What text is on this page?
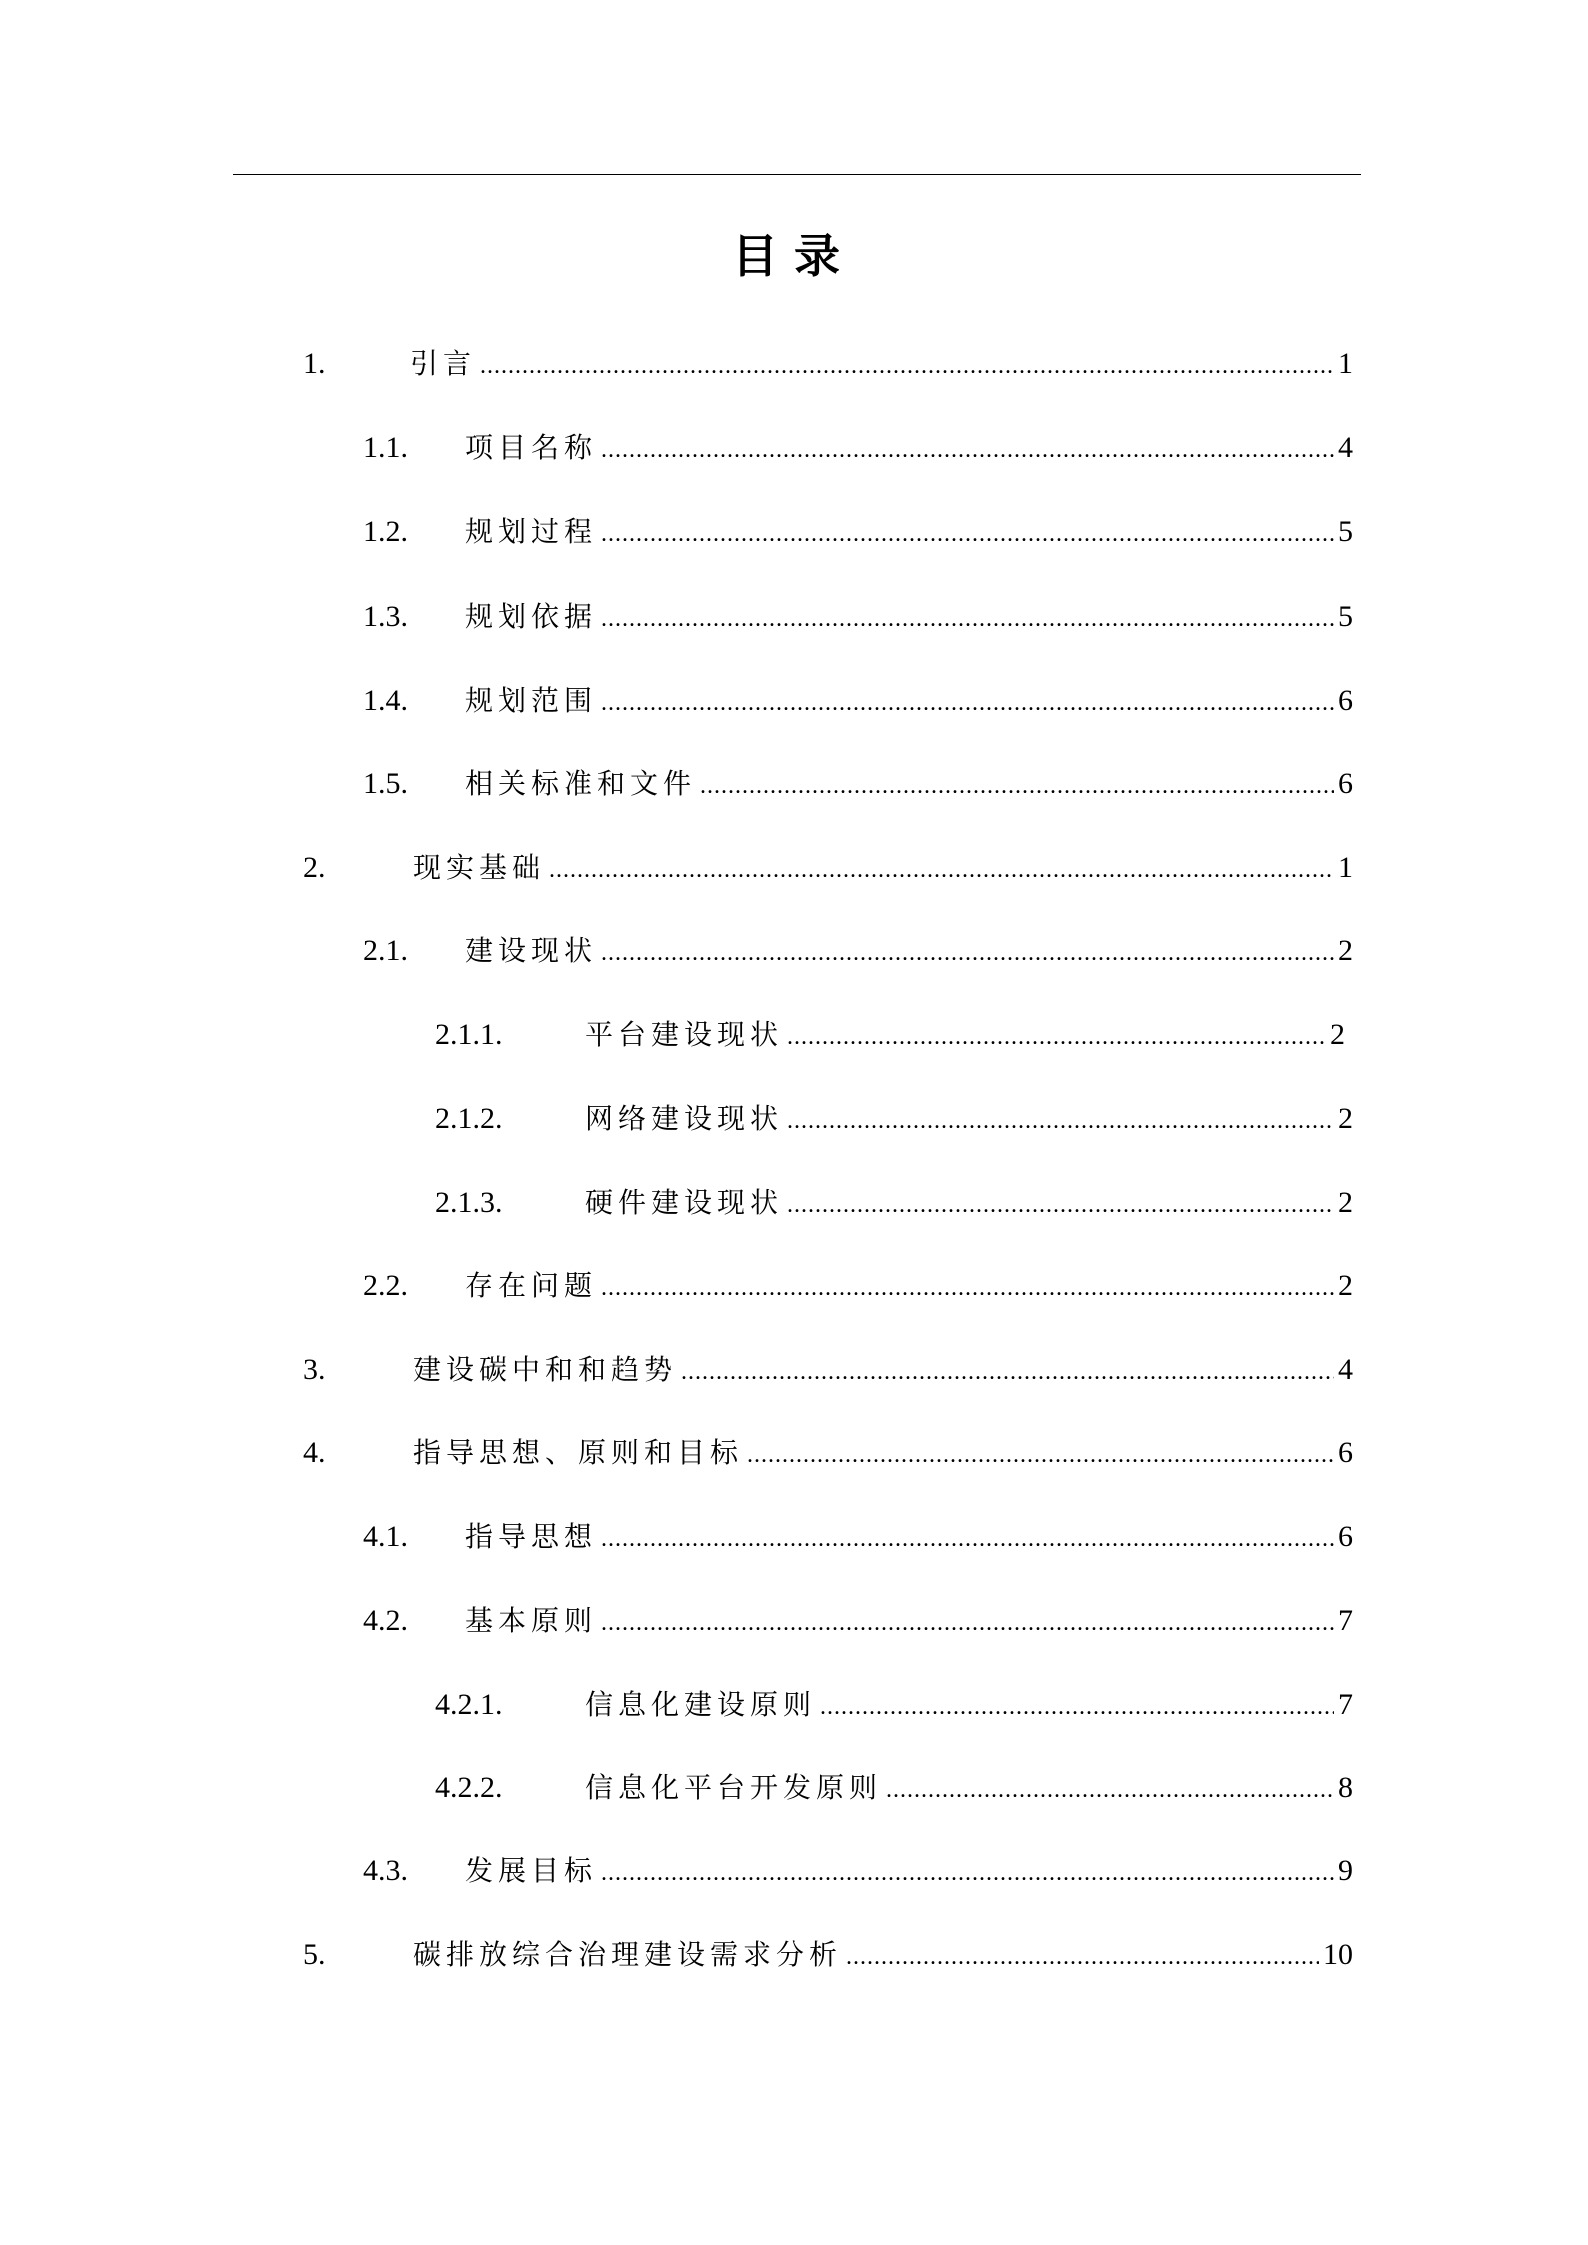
目录
1.	引言 .....	1
1.1. 项目名称 .....	4
1.2. 规划过程 .....	5
1.3. 规划依据 .....	5
1.4. 规划范围 .....	6
1.5. 相关标准和文件 .....	6
2.	现实基础 .....	1
2.1. 建设现状 .....	2
2.1.1.	平台建设现状 .....	2
2.1.2.	网络建设现状 .....	2
2.1.3.	硬件建设现状 .....	2
2.2. 存在问题 .....	2
3.	建设碳中和和趋势 .....	4
4.	指导思想、原则和目标 .....	6
4.1. 指导思想 .....	6
4.2. 基本原则 .....	7
4.2.1.	信息化建设原则 .....	7
4.2.2.	信息化平台开发原则 .....	8
4.3. 发展目标 .....	9
5.	碳排放综合治理建设需求分析 .....	10
